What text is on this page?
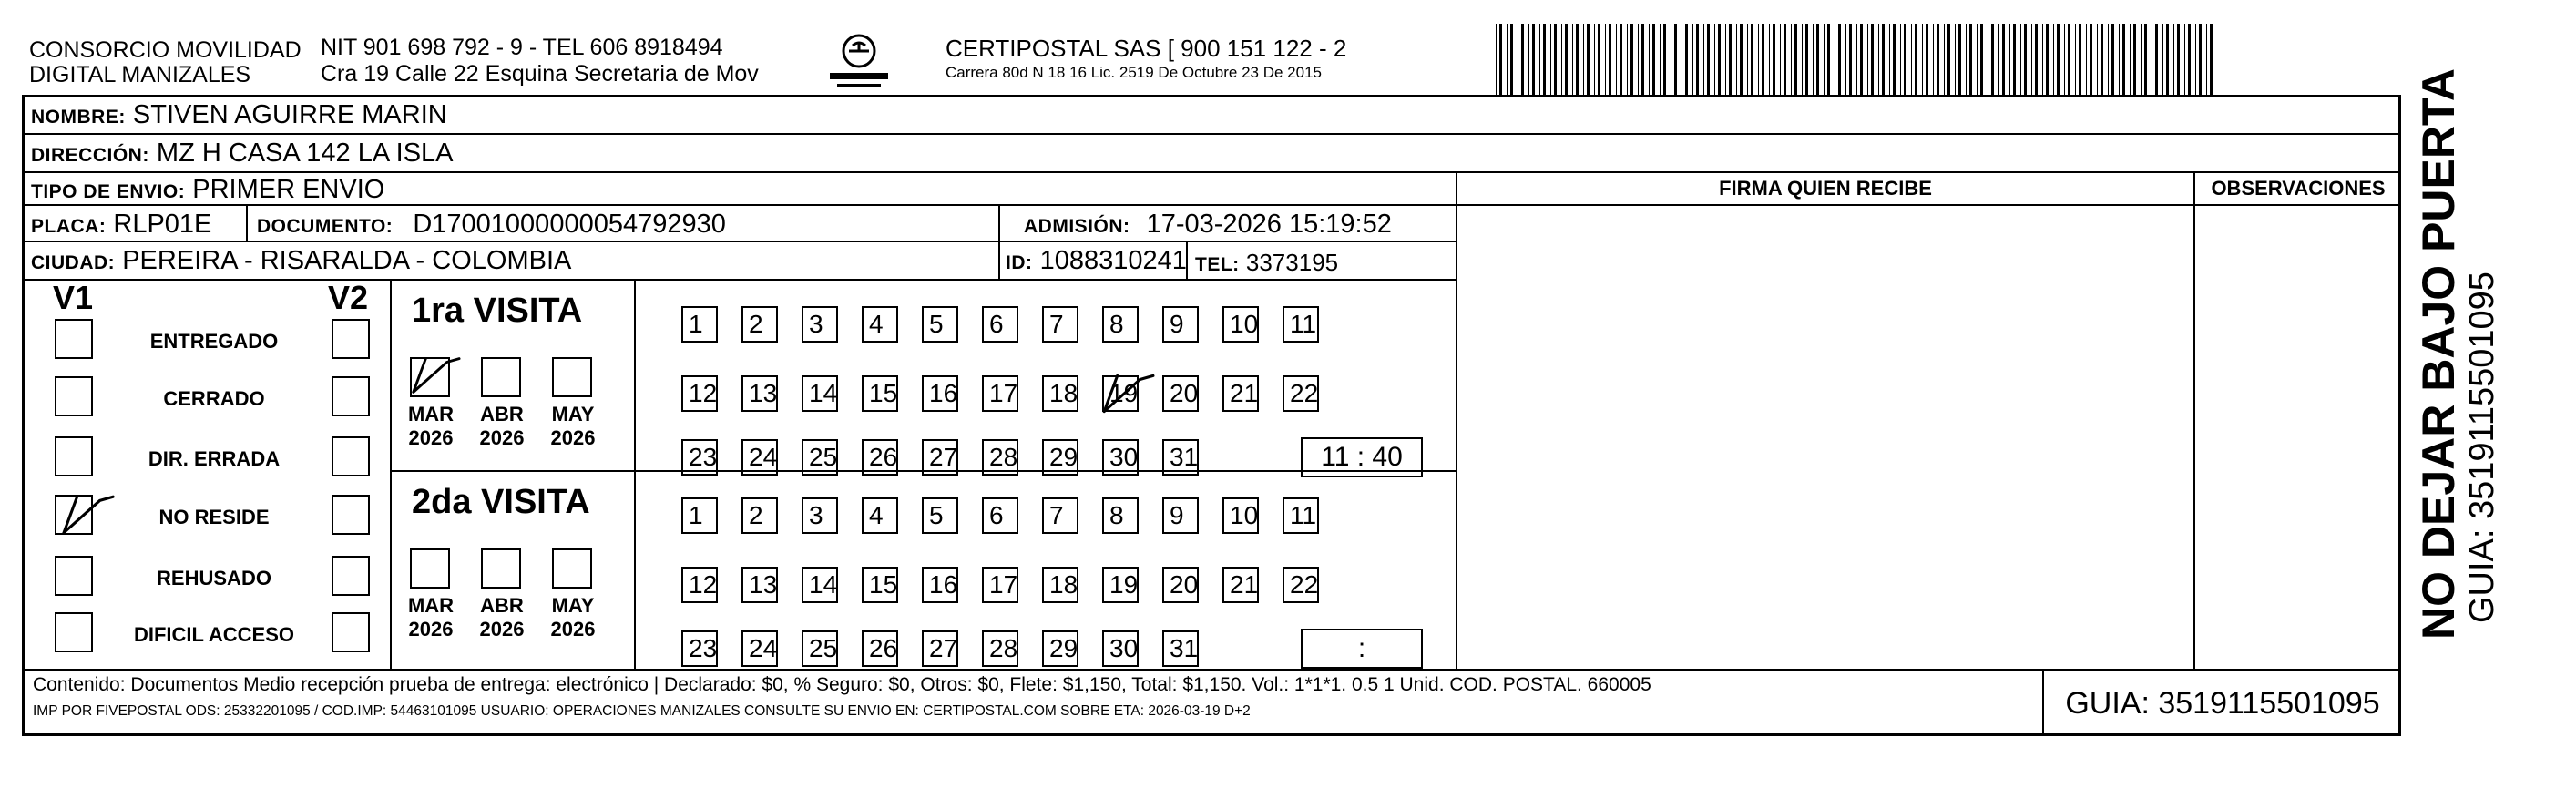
CONSORCIO MOVILIDAD
DIGITAL MANIZALES
NIT 901 698 792 - 9 - TEL 606 8918494
Cra 19 Calle 22 Esquina Secretaria de Mov
CERTIPOSTAL SAS [ 900 151 122 - 2
Carrera 80d N 18 16 Lic. 2519 De Octubre 23 De 2015
NOMBRE: STIVEN AGUIRRE MARIN
DIRECCIÓN: MZ H CASA 142 LA ISLA
TIPO DE ENVIO: PRIMER ENVIO
PLACA: RLP01E DOCUMENTO: D17001000000054792930	ADMISIÓN: 17-03-2026 15:19:52
CIUDAD: PEREIRA - RISARALDA - COLOMBIA	ID: 1088310241 TEL: 3373195
FIRMA QUIEN RECIBE	OBSERVACIONES
V1	V2
ENTREGADO
CERRADO
DIR. ERRADA
NO RESIDE
REHUSADO
DIFICIL ACCESO
1ra VISITA
MAR
2026
ABR
2026
MAY
2026
1	2	3	4	5	6	7	8	9	10 11
12 13 14 15 16 17 18 19 20 21 22
23 24 25 26 27 28 29 30 31	11 : 40
2da VISITA
MAR
2026
ABR
2026
MAY
2026
1	2	3	4	5	6	7	8	9	10 11
12 13 14 15 16 17 18 19 20 21 22
23 24 25 26 27 28 29 30 31	:
Contenido: Documentos Medio recepción prueba de entrega: electrónico | Declarado: $0, % Seguro: $0, Otros: $0, Flete: $1,150, Total: $1,150. Vol.: 1*1*1. 0.5 1 Unid. COD. POSTAL. 660005
IMP POR FIVEPOSTAL ODS: 25332201095 / COD.IMP: 54463101095 USUARIO: OPERACIONES MANIZALES CONSULTE SU ENVIO EN: CERTIPOSTAL.COM SOBRE ETA: 2026-03-19 D+2	GUIA: 3519115501095
NO DEJAR BAJO PUERTA GUIA: 3519115501095
